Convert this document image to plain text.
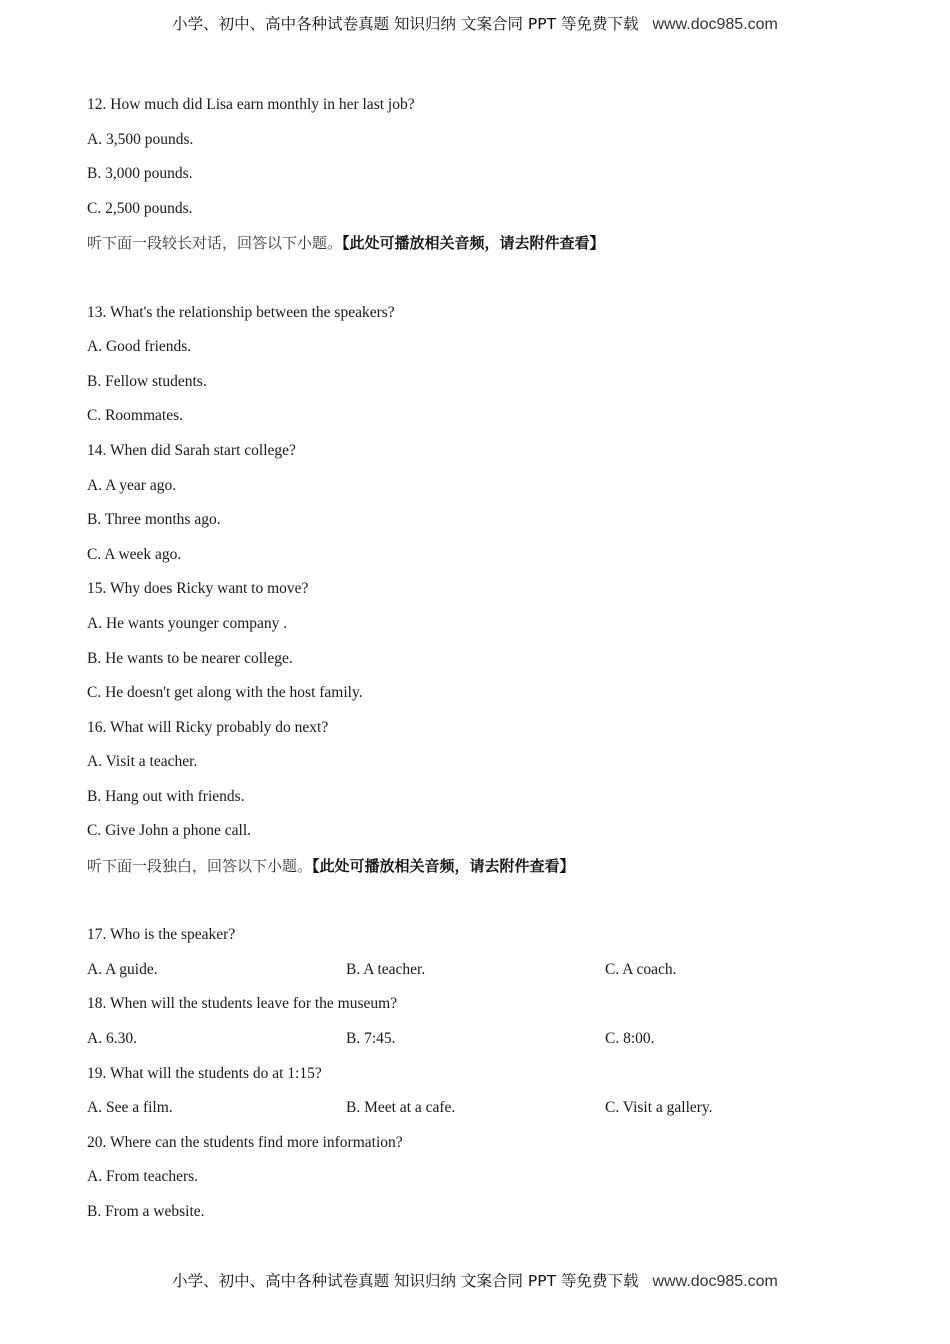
小学、初中、高中各种试卷真题 知识归纳 文案合同 PPT 等免费下载 www.doc985.com
12. How much did Lisa earn monthly in her last job?
A. 3,500 pounds.
B. 3,000 pounds.
C. 2,500 pounds.
听下面一段较长对话，回答以下小题。【此处可播放相关音频，请去附件查看】
13. What's the relationship between the speakers?
A. Good friends.
B. Fellow students.
C. Roommates.
14. When did Sarah start college?
A. A year ago.
B. Three months ago.
C. A week ago.
15. Why does Ricky want to move?
A. He wants younger company .
B. He wants to be nearer college.
C. He doesn't get along with the host family.
16. What will Ricky probably do next?
A. Visit a teacher.
B. Hang out with friends.
C. Give John a phone call.
听下面一段独白，回答以下小题。【此处可播放相关音频，请去附件查看】
17. Who is the speaker?
A. A guide.	B. A teacher.	C. A coach.
18. When will the students leave for the museum?
A. 6.30.	B. 7:45.	C. 8:00.
19. What will the students do at 1:15?
A. See a film.	B. Meet at a cafe.	C. Visit a gallery.
20. Where can the students find more information?
A. From teachers.
B. From a website.
小学、初中、高中各种试卷真题 知识归纳 文案合同 PPT 等免费下载 www.doc985.com
